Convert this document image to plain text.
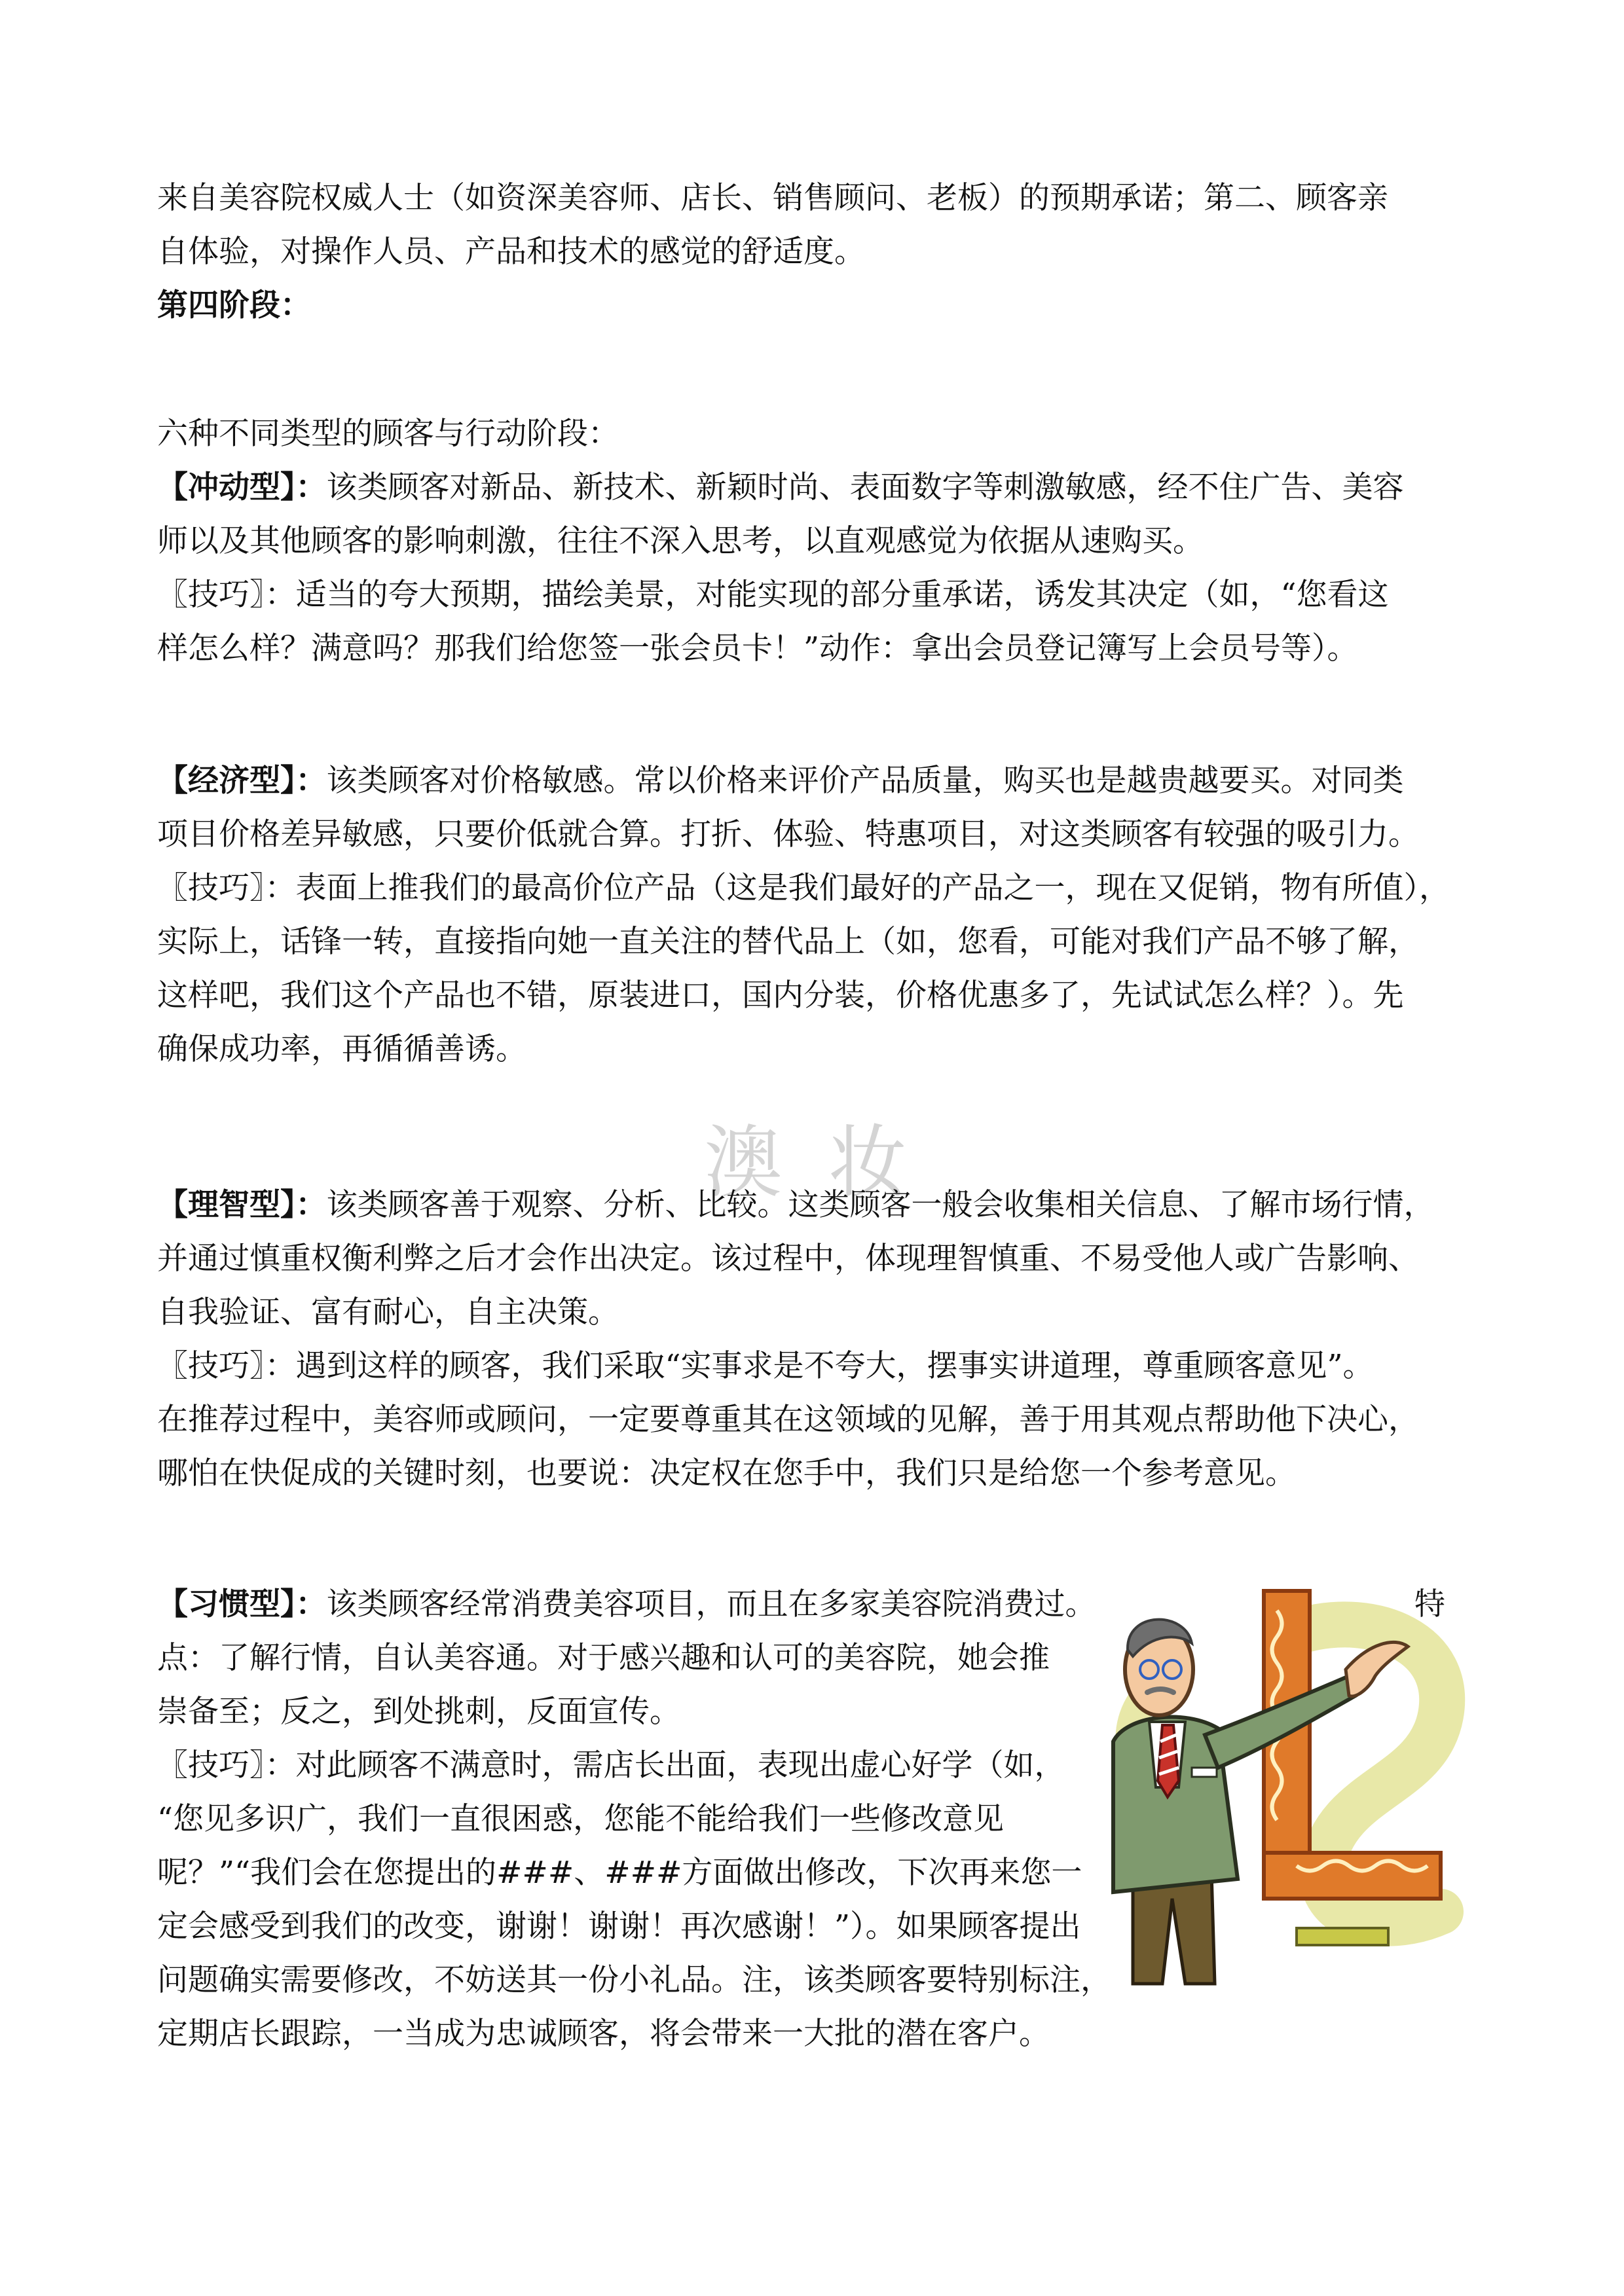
来自美容院权威人士（如资深美容师、店长、销售顾问、老板）的预期承诺；第二、顾客亲

自体验，对操作人员、产品和技术的感觉的舒适度。

第四阶段：

六种不同类型的顾客与行动阶段：

【冲动型】：该类顾客对新品、新技术、新颖时尚、表面数字等刺激敏感，经不住广告、美容

师以及其他顾客的影响刺激，往往不深入思考，以直观感觉为依据从速购买。

〖技巧〗：适当的夸大预期，描绘美景，对能实现的部分重承诺，诱发其决定（如，“您看这

样怎么样？满意吗？那我们给您签一张会员卡！”动作：拿出会员登记簿写上会员号等）。

【经济型】：该类顾客对价格敏感。常以价格来评价产品质量，购买也是越贵越要买。对同类

项目价格差异敏感，只要价低就合算。打折、体验、特惠项目，对这类顾客有较强的吸引力。

〖技巧〗：表面上推我们的最高价位产品（这是我们最好的产品之一，现在又促销，物有所值），

实际上，话锋一转，直接指向她一直关注的替代品上（如，您看，可能对我们产品不够了解，

这样吧，我们这个产品也不错，原装进口，国内分装，价格优惠多了，先试试怎么样？）。先

确保成功率，再循循善诱。

澳妆

【理智型】：该类顾客善于观察、分析、比较。这类顾客一般会收集相关信息、了解市场行情，

并通过慎重权衡利弊之后才会作出决定。该过程中，体现理智慎重、不易受他人或广告影响、

自我验证、富有耐心，自主决策。

〖技巧〗：遇到这样的顾客，我们采取“实事求是不夸大，摆事实讲道理，尊重顾客意见”。

在推荐过程中，美容师或顾问，一定要尊重其在这领域的见解，善于用其观点帮助他下决心，

哪怕在快促成的关键时刻，也要说：决定权在您手中，我们只是给您一个参考意见。

【习惯型】：该类顾客经常消费美容项目，而且在多家美容院消费过。	特

点：了解行情，自认美容通。对于感兴趣和认可的美容院，她会推

崇备至；反之，到处挑刺，反面宣传。

〖技巧〗：对此顾客不满意时，需店长出面，表现出虚心好学（如，

“您见多识广，我们一直很困惑，您能不能给我们一些修改意见

呢？”“我们会在您提出的###、###方面做出修改，下次再来您一

定会感受到我们的改变，谢谢！谢谢！再次感谢！”）。如果顾客提出

问题确实需要修改，不妨送其一份小礼品。注，该类顾客要特别标注，

定期店长跟踪，一当成为忠诚顾客，将会带来一大批的潜在客户。
